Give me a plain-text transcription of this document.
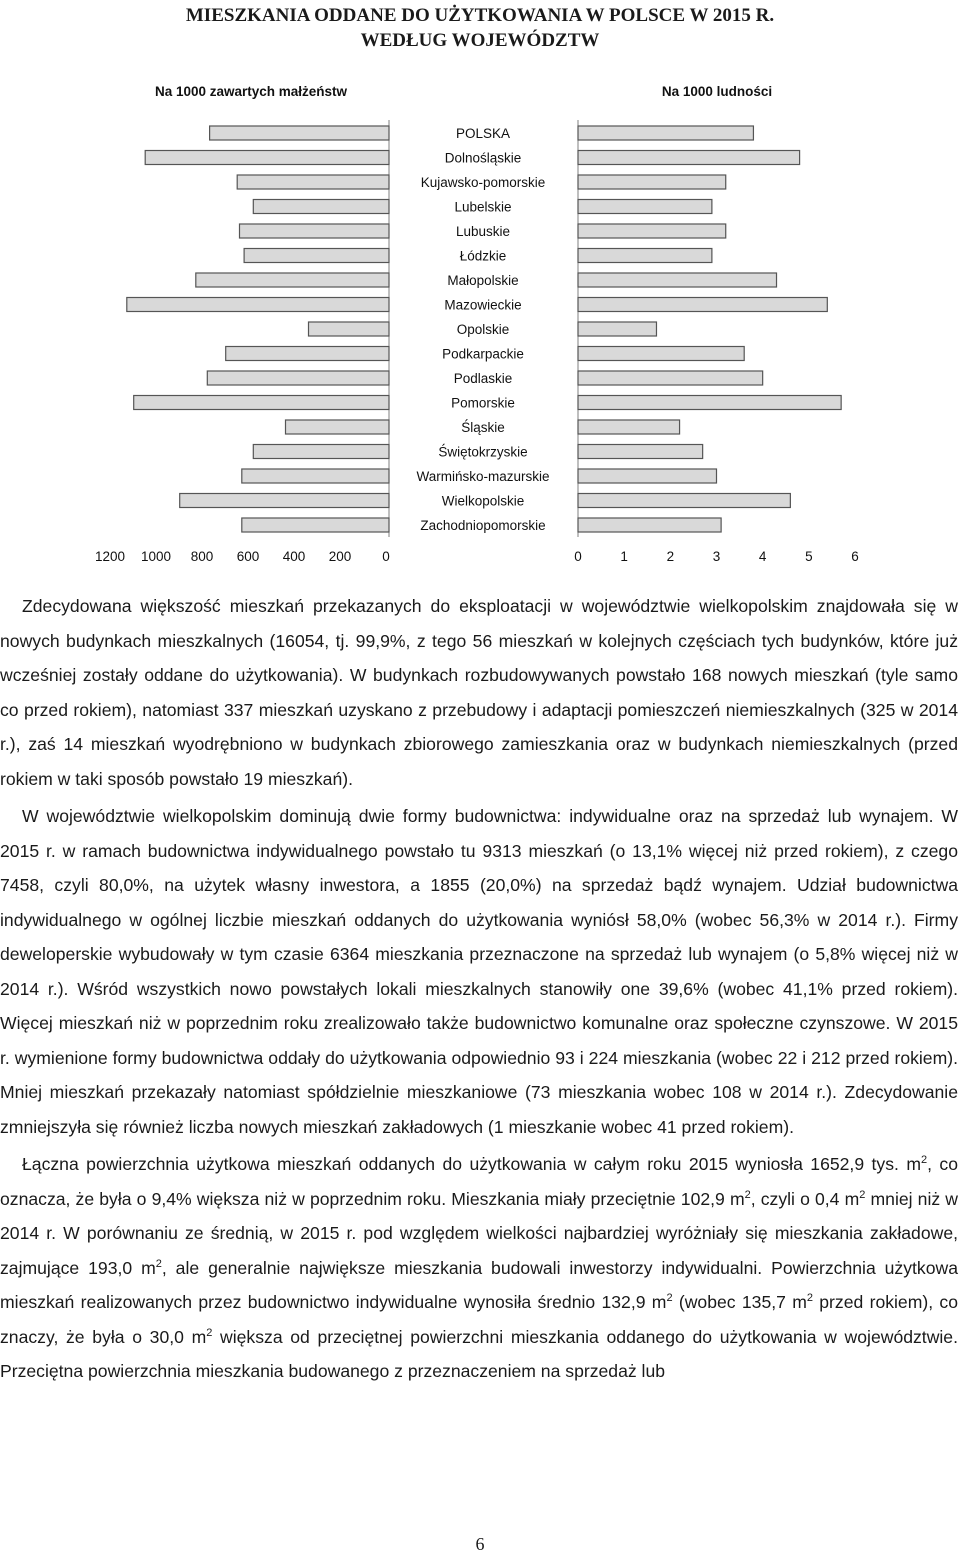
MIESZKANIA ODDANE DO UŻYTKOWANIA W POLSCE W 2015 R.
WEDŁUG WOJEWÓDZTW
Na 1000 zawartych małżeństw	Na 1000 ludności
POLSKA
Dolnośląskie
Kujawsko-pomorskie
Lubelskie
Lubuskie
Łódzkie
Małopolskie
Mazowieckie
Opolskie
Podkarpackie
Podlaskie
Pomorskie
Śląskie
Świętokrzyskie
Warmińsko-mazurskie
Wielkopolskie
Zachodniopomorskie
1200 1000 800 600 400 200 0	0	1	2	3	4	5	6

Zdecydowana większość mieszkań przekazanych do eksploatacji w województwie wielkopolskim znajdowała się w nowych budynkach mieszkalnych (16054, tj. 99,9%, z tego 56 mieszkań w kolejnych częściach tych budynków, które już wcześniej zostały oddane do użytkowania). W budynkach rozbudowywanych powstało 168 nowych mieszkań (tyle samo co przed rokiem), natomiast 337 mieszkań uzyskano z przebudowy i adaptacji pomieszczeń niemieszkalnych (325 w 2014 r.), zaś 14 mieszkań wyodrębniono w budynkach zbiorowego zamieszkania oraz w budynkach niemieszkalnych (przed rokiem w taki sposób powstało 19 mieszkań).

W województwie wielkopolskim dominują dwie formy budownictwa: indywidualne oraz na sprzedaż lub wynajem. W 2015 r. w ramach budownictwa indywidualnego powstało tu 9313 mieszkań (o 13,1% więcej niż przed rokiem), z czego 7458, czyli 80,0%, na użytek własny inwestora, a 1855 (20,0%) na sprzedaż bądź wynajem. Udział budownictwa indywidualnego w ogólnej liczbie mieszkań oddanych do użytkowania wyniósł 58,0% (wobec 56,3% w 2014 r.). Firmy deweloperskie wybudowały w tym czasie 6364 mieszkania przeznaczone na sprzedaż lub wynajem (o 5,8% więcej niż w 2014 r.). Wśród wszystkich nowo powstałych lokali mieszkalnych stanowiły one 39,6% (wobec 41,1% przed rokiem). Więcej mieszkań niż w poprzednim roku zrealizowało także budownictwo komunalne oraz społeczne czynszowe. W 2015 r. wymienione formy budownictwa oddały do użytkowania odpowiednio 93 i 224 mieszkania (wobec 22 i 212 przed rokiem). Mniej mieszkań przekazały natomiast spółdzielnie mieszkaniowe (73 mieszkania wobec 108 w 2014 r.). Zdecydowanie zmniejszyła się również liczba nowych mieszkań zakładowych (1 mieszkanie wobec 41 przed rokiem).

Łączna powierzchnia użytkowa mieszkań oddanych do użytkowania w całym roku 2015 wyniosła 1652,9 tys. $m^2$, co oznacza, że była o 9,4% większa niż w poprzednim roku. Mieszkania miały przeciętnie 102,9 $m^2$, czyli o 0,4 $m^2$ mniej niż w 2014 r. W porównaniu ze średnią, w 2015 r. pod względem wielkości najbardziej wyróżniały się mieszkania zakładowe, zajmujące 193,0 $m^2$, ale generalnie największe mieszkania budowali inwestorzy indywidualni. Powierzchnia użytkowa mieszkań realizowanych przez budownictwo indywidualne wynosiła średnio 132,9 $m^2$ (wobec 135,7 $m^2$ przed rokiem), co znaczy, że była o 30,0 $m^2$ większa od przeciętnej powierzchni mieszkania oddanego do użytkowania w województwie. Przeciętna powierzchnia mieszkania budowanego z przeznaczeniem na sprzedaż lub

6
